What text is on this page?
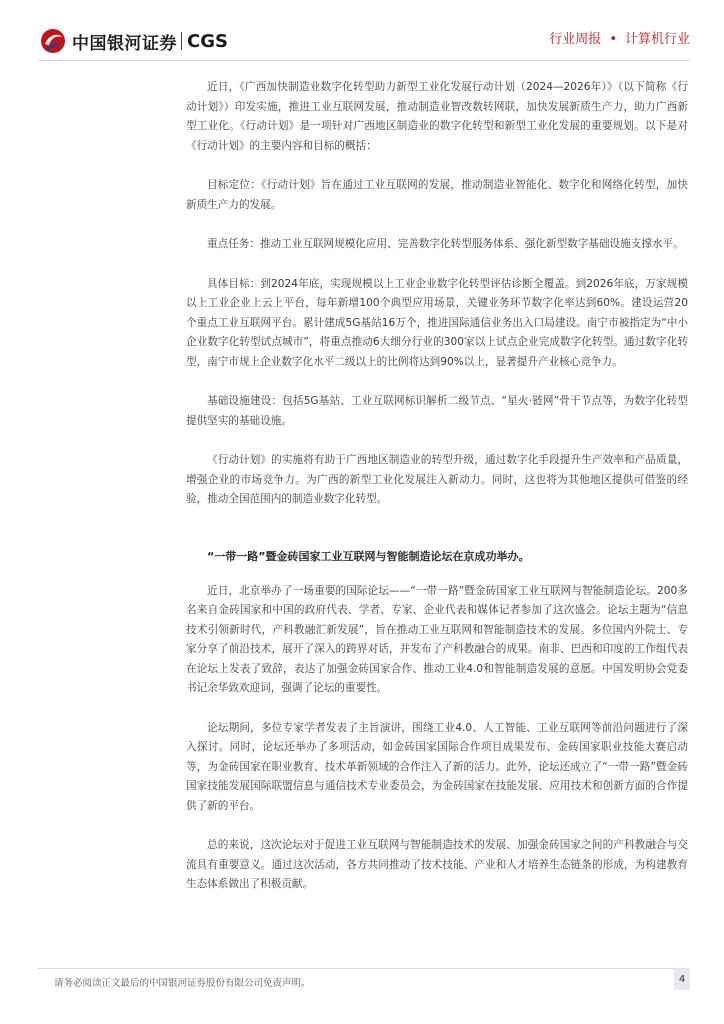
中国银河证券 CGS	行业周报 • 计算机行业

近日，《广西加快制造业数字化转型助力新型工业化发展行动计划（2024—2026年）》（以下简称《行动计划》）印发实施，推进工业互联网发展，推动制造业智改数转网联，加快发展新质生产力，助力广西新型工业化。《行动计划》是一项针对广西地区制造业的数字化转型和新型工业化发展的重要规划。以下是对《行动计划》的主要内容和目标的概括：

目标定位：《行动计划》旨在通过工业互联网的发展，推动制造业智能化、数字化和网络化转型，加快新质生产力的发展。

重点任务：推动工业互联网规模化应用、完善数字化转型服务体系、强化新型数字基础设施支撑水平。

具体目标：到2024年底，实现规模以上工业企业数字化转型评估诊断全覆盖。到2026年底，万家规模以上工业企业上云上平台，每年新增100个典型应用场景，关键业务环节数字化率达到60%。建设运营20个重点工业互联网平台。累计建成5G基站16万个，推进国际通信业务出入口局建设。南宁市被指定为“中小企业数字化转型试点城市”，将重点推动6大细分行业的300家以上试点企业完成数字化转型。通过数字化转型，南宁市规上企业数字化水平二级以上的比例将达到90%以上，显著提升产业核心竞争力。

基础设施建设：包括5G基站、工业互联网标识解析二级节点、“星火·链网”骨干节点等，为数字化转型提供坚实的基础设施。

《行动计划》的实施将有助于广西地区制造业的转型升级，通过数字化手段提升生产效率和产品质量，增强企业的市场竞争力。为广西的新型工业化发展注入新动力。同时，这也将为其他地区提供可借鉴的经验，推动全国范围内的制造业数字化转型。

“一带一路”暨金砖国家工业互联网与智能制造论坛在京成功举办。

近日，北京举办了一场重要的国际论坛——“一带一路”暨金砖国家工业互联网与智能制造论坛。200多名来自金砖国家和中国的政府代表、学者、专家、企业代表和媒体记者参加了这次盛会。论坛主题为“信息技术引领新时代，产科教融汇新发展”，旨在推动工业互联网和智能制造技术的发展。多位国内外院士、专家分享了前沿技术，展开了深入的跨界对话，并发布了产科教融合的成果。南非、巴西和印度的工作组代表在论坛上发表了致辞，表达了加强金砖国家合作、推动工业4.0和智能制造发展的意愿。中国发明协会党委书记余华致欢迎词，强调了论坛的重要性。

论坛期间，多位专家学者发表了主旨演讲，围绕工业4.0、人工智能、工业互联网等前沿问题进行了深入探讨。同时，论坛还举办了多项活动，如金砖国家国际合作项目成果发布、金砖国家职业技能大赛启动等，为金砖国家在职业教育、技术革新领域的合作注入了新的活力。此外，论坛还成立了“一带一路”暨金砖国家技能发展国际联盟信息与通信技术专业委员会，为金砖国家在技能发展、应用技术和创新方面的合作提供了新的平台。

总的来说，这次论坛对于促进工业互联网与智能制造技术的发展、加强金砖国家之间的产科教融合与交流具有重要意义。通过这次活动，各方共同推动了技术技能、产业和人才培养生态链条的形成，为构建教育生态体系做出了积极贡献。

请务必阅读正文最后的中国银河证券股份有限公司免责声明。	4
